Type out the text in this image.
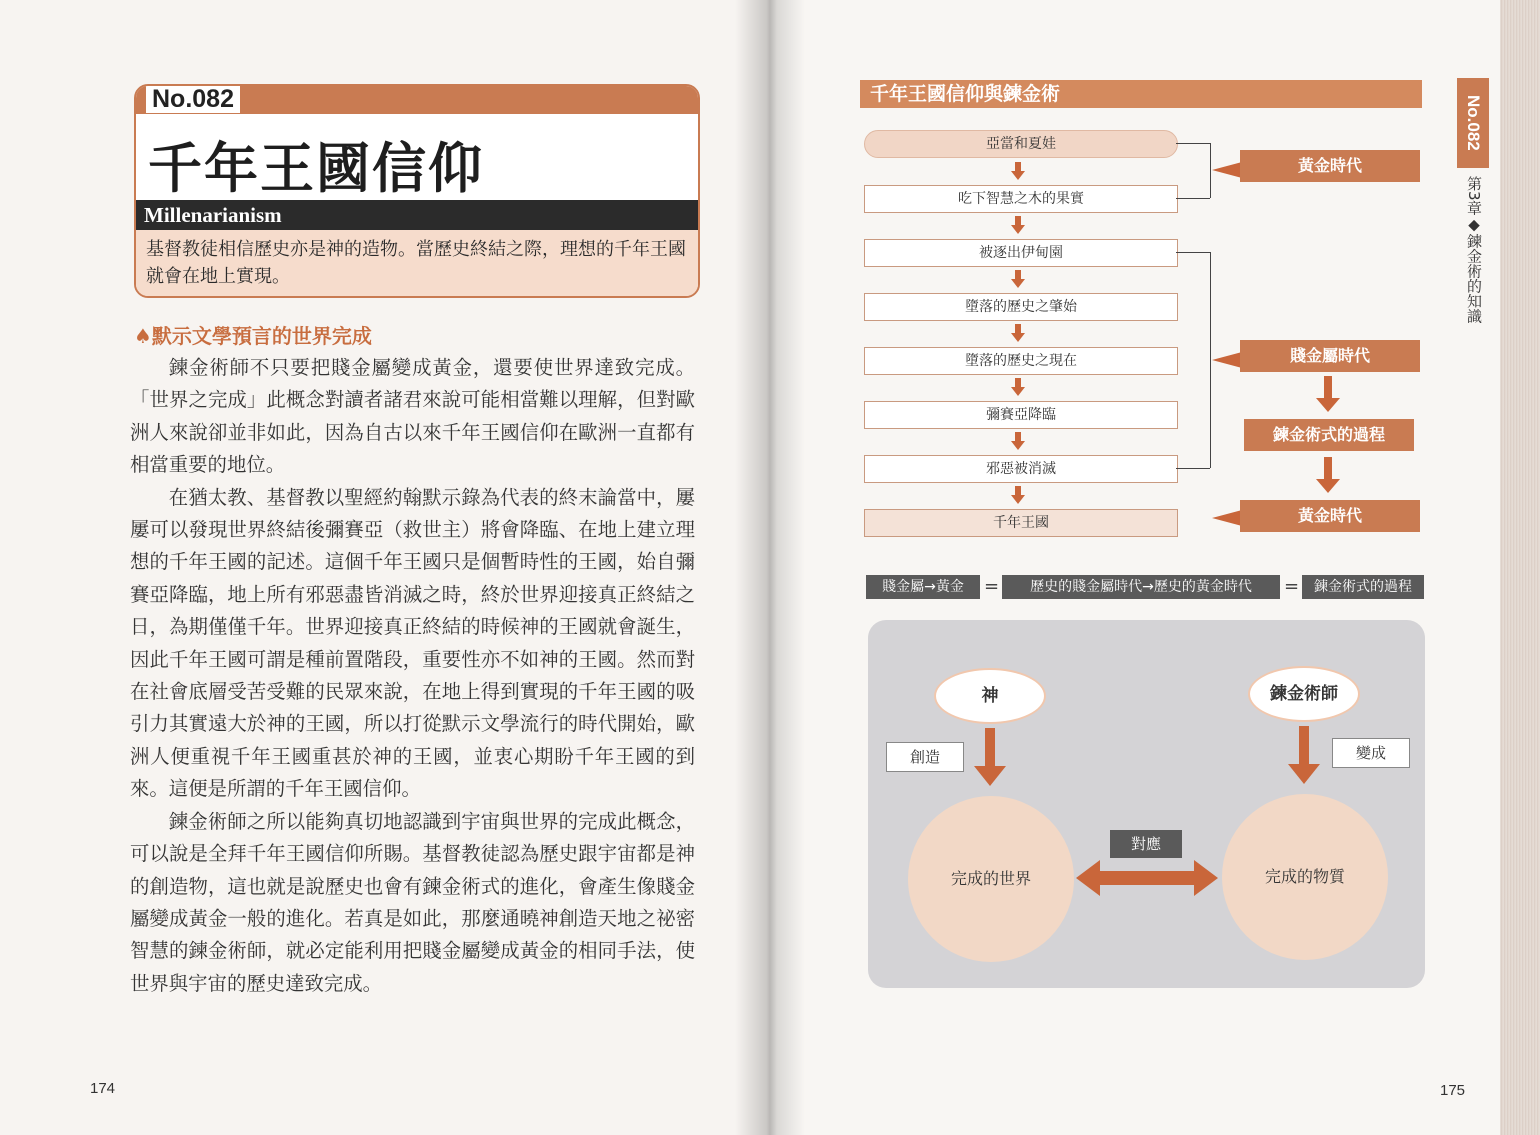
No.082
千年王國信仰
Millenarianism
基督教徒相信歷史亦是神的造物。當歷史終結之際，理想的千年王國就會在地上實現。
♠默示文學預言的世界完成

鍊金術師不只要把賤金屬變成黃金，還要使世界達致完成。「世界之完成」此概念對讀者諸君來說可能相當難以理解，但對歐洲人來說卻並非如此，因為自古以來千年王國信仰在歐洲一直都有相當重要的地位。

在猶太教、基督教以聖經約翰默示錄為代表的終末論當中，屢屢可以發現世界終結後彌賽亞（救世主）將會降臨、在地上建立理想的千年王國的記述。這個千年王國只是個暫時性的王國，始自彌賽亞降臨，地上所有邪惡盡皆消滅之時，終於世界迎接真正終結之日，為期僅僅千年。世界迎接真正終結的時候神的王國就會誕生，因此千年王國可謂是種前置階段，重要性亦不如神的王國。然而對在社會底層受苦受難的民眾來說，在地上得到實現的千年王國的吸引力其實遠大於神的王國，所以打從默示文學流行的時代開始，歐洲人便重視千年王國重甚於神的王國，並衷心期盼千年王國的到來。這便是所謂的千年王國信仰。

鍊金術師之所以能夠真切地認識到宇宙與世界的完成此概念，可以說是全拜千年王國信仰所賜。基督教徒認為歷史跟宇宙都是神的創造物，這也就是說歷史也會有鍊金術式的進化，會產生像賤金屬變成黃金一般的進化。若真是如此，那麼通曉神創造天地之祕密智慧的鍊金術師，就必定能利用把賤金屬變成黃金的相同手法，使世界與宇宙的歷史達致完成。

174
千年王國信仰與鍊金術
亞當和夏娃
吃下智慧之木的果實
被逐出伊甸園
墮落的歷史之肇始
墮落的歷史之現在
彌賽亞降臨
邪惡被消滅
千年王國
黃金時代
賤金屬時代
鍊金術式的過程
黃金時代
賤金屬→黃金	=	歷史的賤金屬時代→歷史的黃金時代	=	鍊金術式的過程
神	鍊金術師
創造	變成
完成的世界	完成的物質
對應
No.082
第3章◆鍊金術的知識
175
